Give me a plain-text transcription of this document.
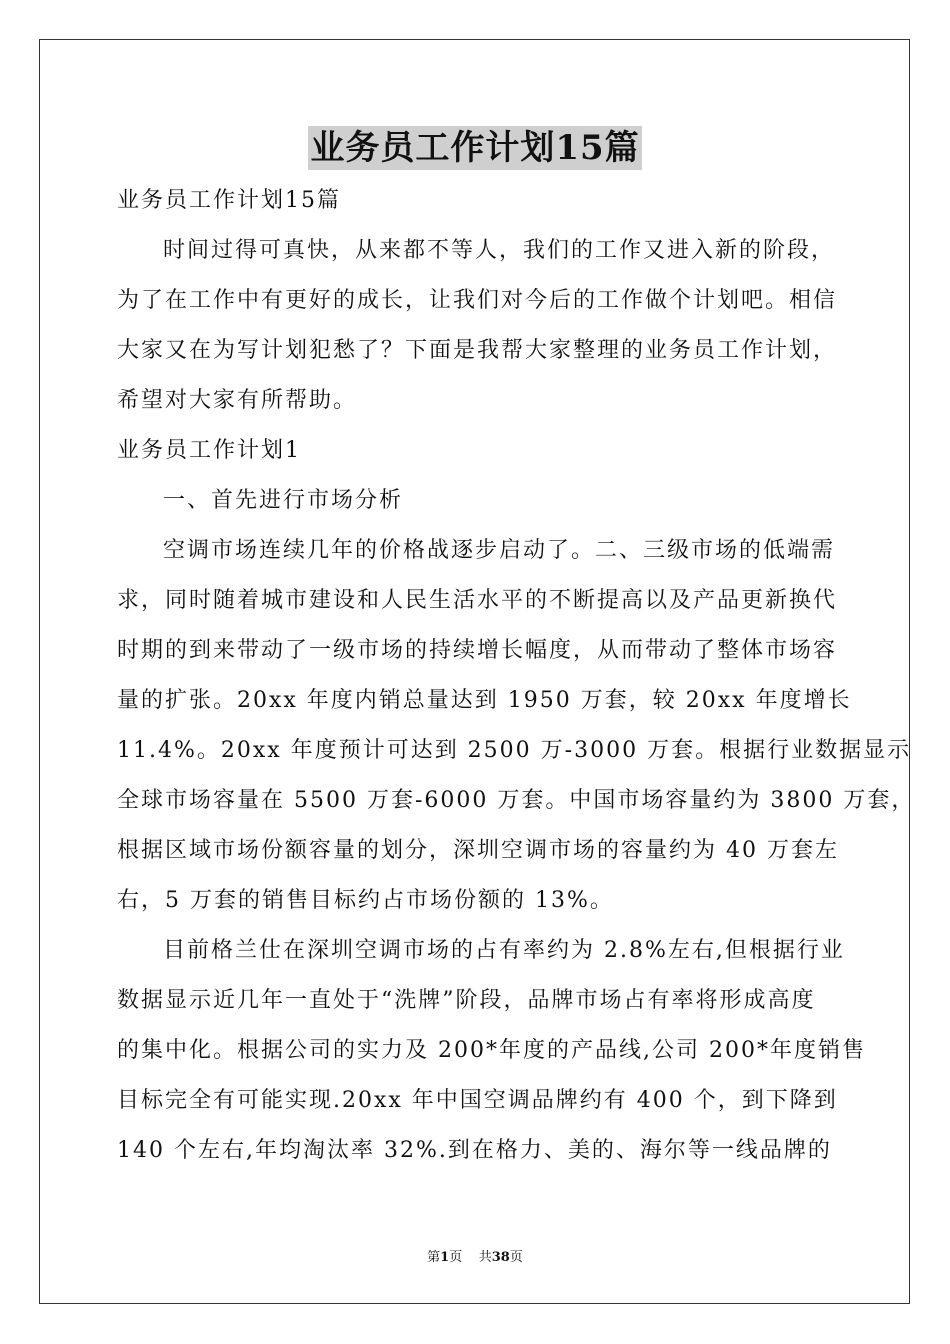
业务员工作计划15篇
业务员工作计划15篇
时间过得可真快，从来都不等人，我们的工作又进入新的阶段，
为了在工作中有更好的成长，让我们对今后的工作做个计划吧。相信
大家又在为写计划犯愁了？下面是我帮大家整理的业务员工作计划，
希望对大家有所帮助。
业务员工作计划1
一、首先进行市场分析
空调市场连续几年的价格战逐步启动了。二、三级市场的低端需
求，同时随着城市建设和人民生活水平的不断提高以及产品更新换代
时期的到来带动了一级市场的持续增长幅度，从而带动了整体市场容
量的扩张。20xx 年度内销总量达到 1950 万套，较 20xx 年度增长
11.4%。20xx 年度预计可达到 2500 万-3000 万套。根据行业数据显示
全球市场容量在 5500 万套-6000 万套。中国市场容量约为 3800 万套，
根据区域市场份额容量的划分，深圳空调市场的容量约为 40 万套左
右，5 万套的销售目标约占市场份额的 13%。
目前格兰仕在深圳空调市场的占有率约为 2.8%左右,但根据行业
数据显示近几年一直处于“洗牌”阶段，品牌市场占有率将形成高度
的集中化。根据公司的实力及 200*年度的产品线,公司 200*年度销售
目标完全有可能实现.20xx 年中国空调品牌约有 400 个，到下降到
140 个左右,年均淘汰率 32%.到在格力、美的、海尔等一线品牌的
第1页 共38页
